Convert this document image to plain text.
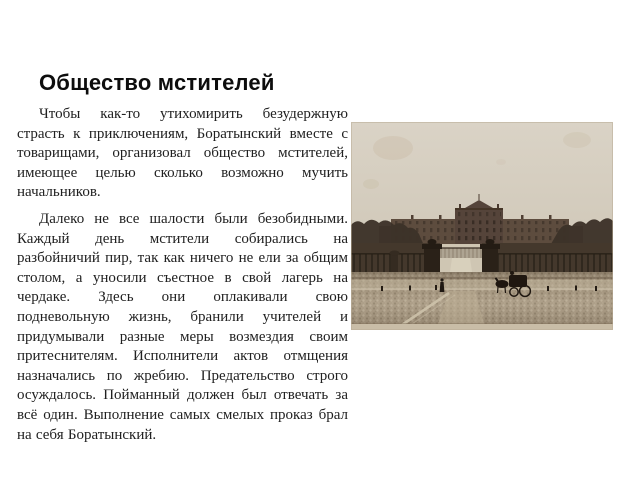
Общество мстителей

Чтобы как-то утихомирить безудержную страсть к приключениям, Боратынский вместе с товарищами, организовал общество мстителей, имеющее целью сколько возможно мучить начальников.

Далеко не все шалости были безобидными. Каждый день мстители собирались на разбойничий пир, так как ничего не ели за общим столом, а уносили съестное в свой лагерь на чердаке. Здесь они оплакивали свою подневольную жизнь, бранили учителей и придумывали разные меры возмездия своим притеснителям. Исполнители актов отмщения назначались по жребию. Предательство строго осуждалось. Пойманный должен был отвечать за всё один. Выполнение самых смелых проказ брал на себя Боратынский.
